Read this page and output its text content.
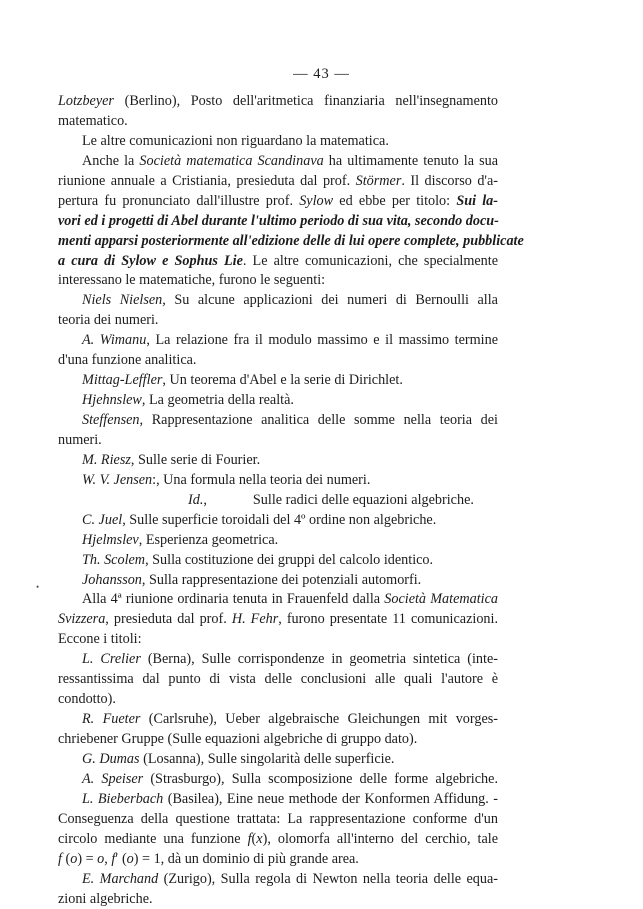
— 43 —
•
Lotzbeyer (Berlino), Posto dell'aritmetica finanziaria nell'insegnamento
matematico.
Le altre comunicazioni non riguardano la matematica.
Anche la Società matematica Scandinava ha ultimamente tenuto la sua
riunione annuale a Cristiania, presieduta dal prof. Störmer. Il discorso d'a-
pertura fu pronunciato dall'illustre prof. Sylow ed ebbe per titolo: Sui la-
vori ed i progetti di Abel durante l'ultimo periodo di sua vita, secondo docu-
menti apparsi posteriormente all'edizione delle di lui opere complete, pubblicate
a cura di Sylow e Sophus Lie. Le altre comunicazioni, che specialmente
interessano le matematiche, furono le seguenti:
Niels Nielsen, Su alcune applicazioni dei numeri di Bernoulli alla
teoria dei numeri.
A. Wimanu, La relazione fra il modulo massimo e il massimo termine
d'una funzione analitica.
Mittag-Leffler, Un teorema d'Abel e la serie di Dirichlet.
Hjehnslew, La geometria della realtà.
Steffensen, Rappresentazione analitica delle somme nella teoria dei
numeri.
M. Riesz, Sulle serie di Fourier.
W. V. Jensen:, Una formula nella teoria dei numeri.
Id.,	Sulle radici delle equazioni algebriche.
C. Juel, Sulle superficie toroidali del 4º ordine non algebriche.
Hjelmslev, Esperienza geometrica.
Th. Scolem, Sulla costituzione dei gruppi del calcolo identico.
Johansson, Sulla rappresentazione dei potenziali automorfi.
Alla 4ª riunione ordinaria tenuta in Frauenfeld dalla Società Matematica
Svizzera, presieduta dal prof. H. Fehr, furono presentate 11 comunicazioni.
Eccone i titoli:
L. Crelier (Berna), Sulle corrispondenze in geometria sintetica (inte-
ressantissima dal punto di vista delle conclusioni alle quali l'autore è
condotto).
R. Fueter (Carlsruhe), Ueber algebraische Gleichungen mit vorges-
chriebener Gruppe (Sulle equazioni algebriche di gruppo dato).
G. Dumas (Losanna), Sulle singolarità delle superficie.
A. Speiser (Strasburgo), Sulla scomposizione delle forme algebriche.
L. Bieberbach (Basilea), Eine neue methode der Konformen Affidung. -
Conseguenza della questione trattata: La rappresentazione conforme d'un
circolo mediante una funzione f(x), olomorfa all'interno del cerchio, tale
f (o) = o, f′ (o) = 1, dà un dominio di più grande area.
E. Marchand (Zurigo), Sulla regola di Newton nella teoria delle equa-
zioni algebriche.
